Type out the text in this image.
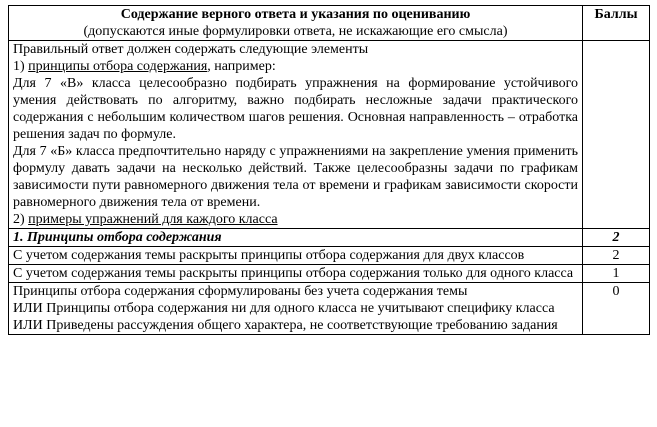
Содержание верного ответа и указания по оцениванию
(допускаются иные формулировки ответа, не искажающие его смысла)	Баллы

Правильный ответ должен содержать следующие элементы

1) принципы отбора содержания, например:

Для 7 «В» класса целесообразно подбирать упражнения на формирование устойчивого умения действовать по алгоритму, важно подбирать несложные задачи практического содержания с небольшим количеством шагов решения. Основная направленность – отработка решения задач по формуле.

Для 7 «Б» класса предпочтительно наряду с упражнениями на закрепление умения применить формулу давать задачи на несколько действий. Также целесообразны задачи по графикам зависимости пути равномерного движения тела от времени и графикам зависимости скорости равномерного движения тела от времени.

2) примеры упражнений для каждого класса	

1. Принципы отбора содержания	2
С учетом содержания темы раскрыты принципы отбора содержания для двух классов	2
С учетом содержания темы раскрыты принципы отбора содержания только для одного класса	1

Принципы отбора содержания сформулированы без учета содержания темы
ИЛИ Принципы отбора содержания ни для одного класса не учитывают специфику класса
ИЛИ Приведены рассуждения общего характера, не соответствующие требованию задания	0
